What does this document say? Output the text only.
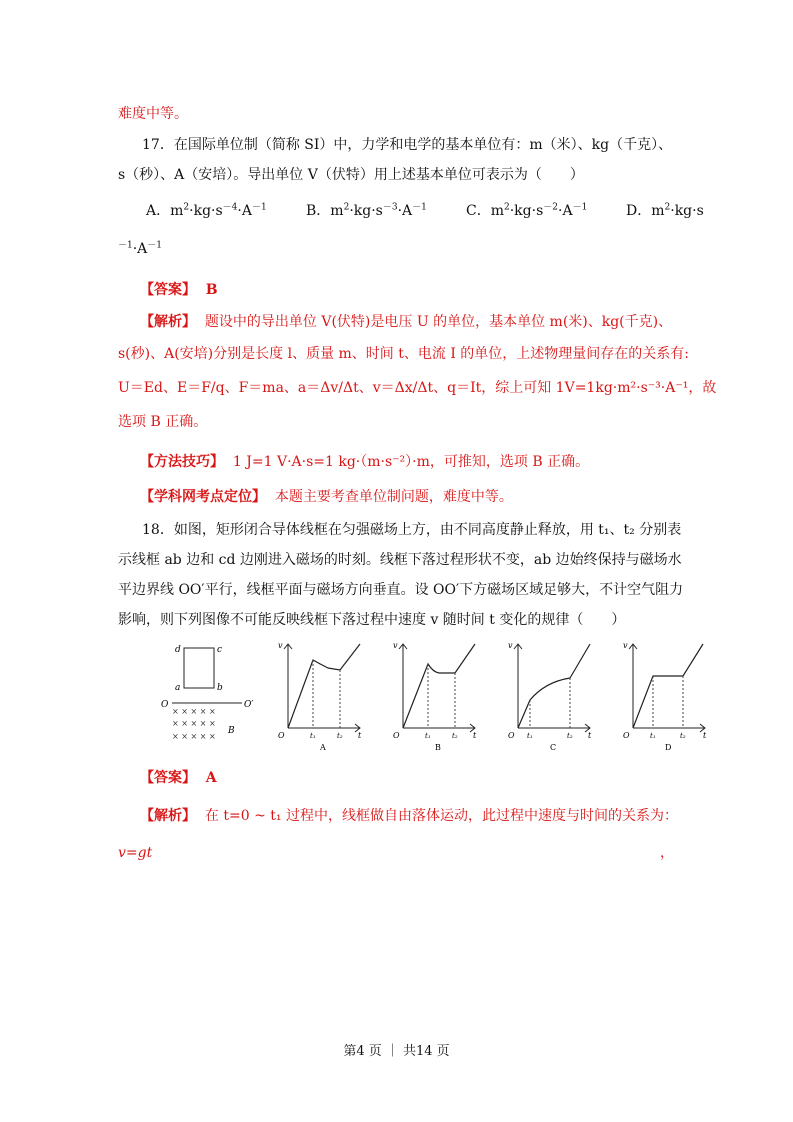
难度中等。
17．在国际单位制（简称 SI）中，力学和电学的基本单位有：m（米）、kg（千克）、
s（秒）、A（安培）。导出单位 V（伏特）用上述基本单位可表示为（　　）
A．$m^2\cdot kg\cdot s^{-4}\cdot A^{-1}$	B．$m^2\cdot kg\cdot s^{-3}\cdot A^{-1}$	C．$m^2\cdot kg\cdot s^{-2}\cdot A^{-1}$	D．$m^2\cdot kg\cdot s$
$^{-1}\cdot A^{-1}$
【答案】 B
【解析】 题设中的导出单位 V(伏特)是电压 U 的单位，基本单位 m(米)、kg(千克)、
s(秒)、A(安培)分别是长度 l、质量 m、时间 t、电流 I 的单位，上述物理量间存在的关系有:
U＝Ed、E＝F/q、F＝ma、a＝Δv/Δt、v＝Δx/Δt、q＝It，综上可知 1V=1kg·m²·s⁻³·A⁻¹，故
选项 B 正确。
【方法技巧】 1 J=1 V·A·s=1 kg·（m·s⁻²）·m，可推知，选项 B 正确。
【学科网考点定位】 本题主要考查单位制问题，难度中等。
18．如图，矩形闭合导体线框在匀强磁场上方，由不同高度静止释放，用 t₁、t₂ 分别表
示线框 ab 边和 cd 边刚进入磁场的时刻。线框下落过程形状不变，ab 边始终保持与磁场水
平边界线 OO′平行，线框平面与磁场方向垂直。设 OO′下方磁场区域足够大，不计空气阻力
影响，则下列图像不可能反映线框下落过程中速度 v 随时间 t 变化的规律（　　）
d	c
a	b
O	O′
× × × × ×
× × × × ×
× × × × ×
B
v
t
O	t₁	t₂
A
v
t
O	t₁	t₂
B
v
t
O t₁	t₂
C
v
t
O	t₁	t₂
D
【答案】 A
【解析】 在 t=0 ~ t₁ 过程中，线框做自由落体运动，此过程中速度与时间的关系为：
v=gt	，
第4 页 ｜ 共14 页
